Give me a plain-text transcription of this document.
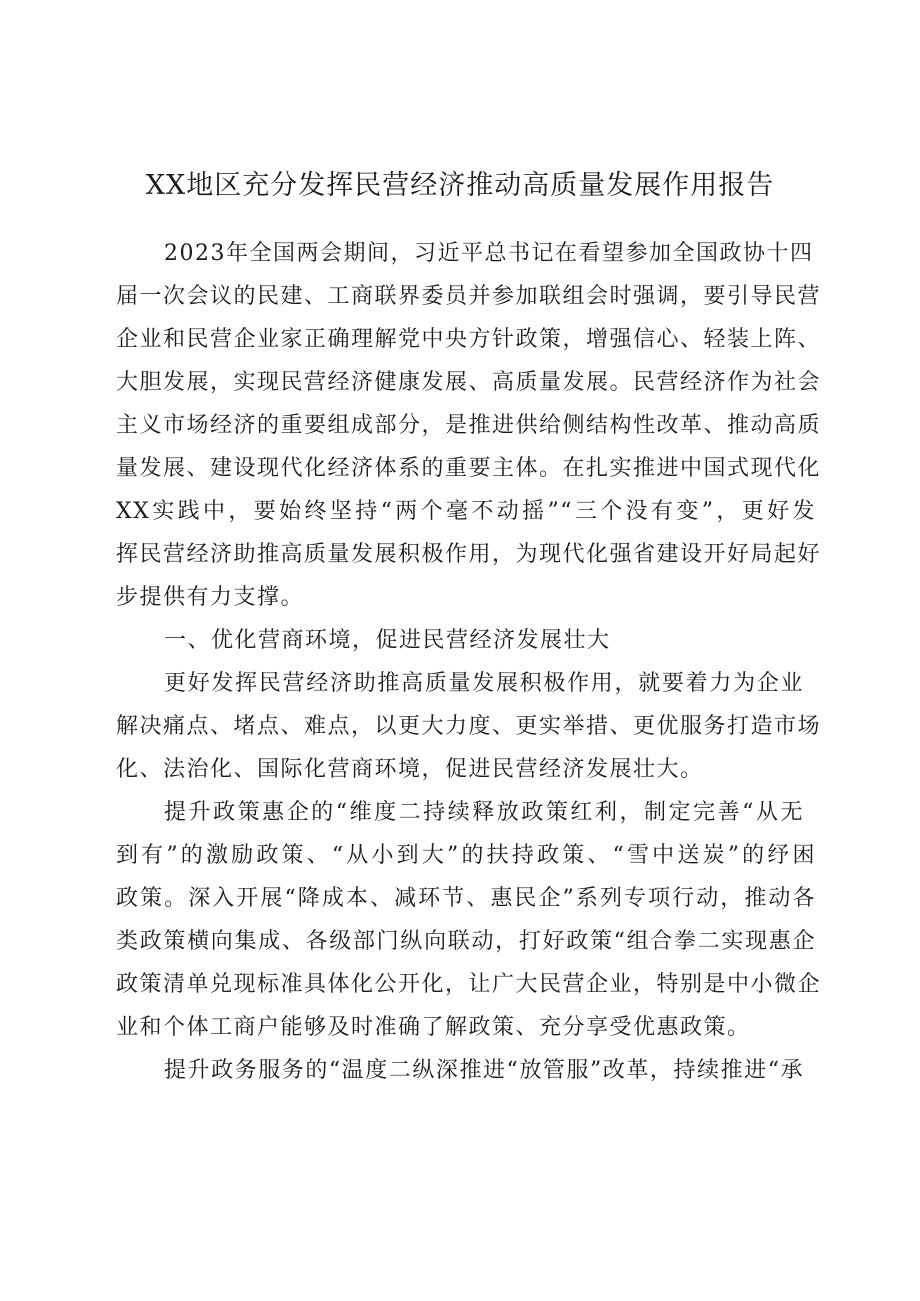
XX地区充分发挥民营经济推动高质量发展作用报告
2023年全国两会期间，习近平总书记在看望参加全国政协十四
届一次会议的民建、工商联界委员并参加联组会时强调，要引导民营
企业和民营企业家正确理解党中央方针政策，增强信心、轻装上阵、
大胆发展，实现民营经济健康发展、高质量发展。民营经济作为社会
主义市场经济的重要组成部分，是推进供给侧结构性改革、推动高质
量发展、建设现代化经济体系的重要主体。在扎实推进中国式现代化
XX实践中，要始终坚持“两个毫不动摇”“三个没有变”，更好发
挥民营经济助推高质量发展积极作用，为现代化强省建设开好局起好
步提供有力支撑。
一、优化营商环境，促进民营经济发展壮大
更好发挥民营经济助推高质量发展积极作用，就要着力为企业
解决痛点、堵点、难点，以更大力度、更实举措、更优服务打造市场
化、法治化、国际化营商环境，促进民营经济发展壮大。
提升政策惠企的“维度二持续释放政策红利，制定完善“从无
到有”的激励政策、“从小到大”的扶持政策、“雪中送炭”的纾困
政策。深入开展“降成本、减环节、惠民企”系列专项行动，推动各
类政策横向集成、各级部门纵向联动，打好政策“组合拳二实现惠企
政策清单兑现标准具体化公开化，让广大民营企业，特别是中小微企
业和个体工商户能够及时准确了解政策、充分享受优惠政策。
提升政务服务的“温度二纵深推进“放管服”改革，持续推进“承
